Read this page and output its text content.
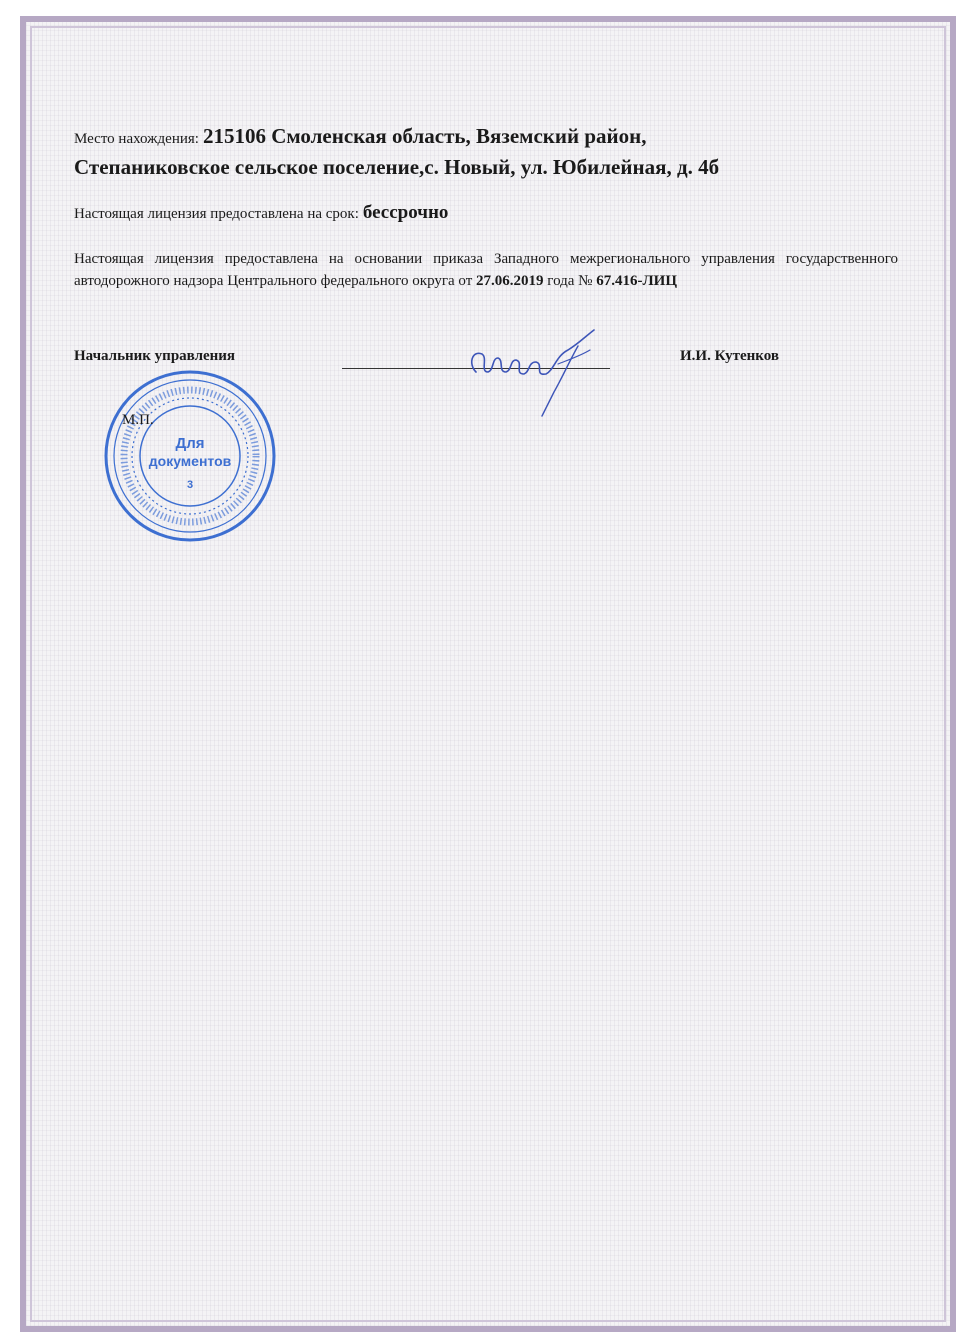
Место нахождения: 215106 Смоленская область, Вяземский район,

Степаниковское сельское поселение,с. Новый, ул. Юбилейная, д. 4б

Настоящая лицензия предоставлена на срок: бессрочно
Настоящая лицензия предоставлена на основании приказа Западного межрегионального управления государственного автодорожного надзора Центрального федерального округа от 27.06.2019 года № 67.416-ЛИЦ
Начальник управления	И.И. Кутенков
Для
документов
3
М.П.
